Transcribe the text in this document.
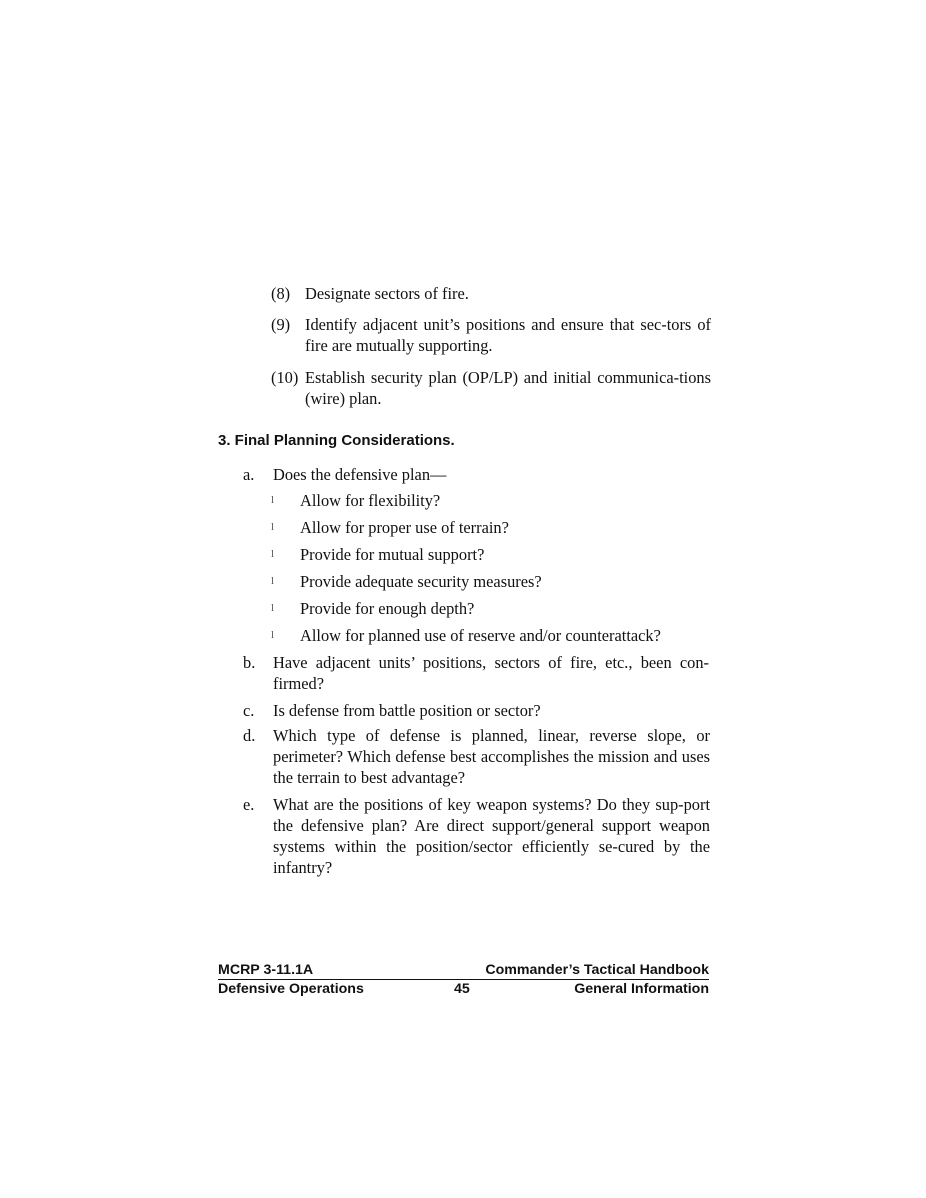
(8) Designate sectors of fire.
(9) Identify adjacent unit’s positions and ensure that sec-tors of fire are mutually supporting.
(10) Establish security plan (OP/LP) and initial communica-tions (wire) plan.
3. Final Planning Considerations.
a. Does the defensive plan—
l Allow for flexibility?
l Allow for proper use of terrain?
l Provide for mutual support?
l Provide adequate security measures?
l Provide for enough depth?
l Allow for planned use of reserve and/or counterattack?
b. Have adjacent units’ positions, sectors of fire, etc., been con-firmed?
c. Is defense from battle position or sector?
d. Which type of defense is planned, linear, reverse slope, or perimeter? Which defense best accomplishes the mission and uses the terrain to best advantage?
e. What are the positions of key weapon systems? Do they sup-port the defensive plan? Are direct support/general support weapon systems within the position/sector efficiently se-cured by the infantry?
MCRP 3-11.1A	Commander’s Tactical Handbook
Defensive Operations	45	General Information
